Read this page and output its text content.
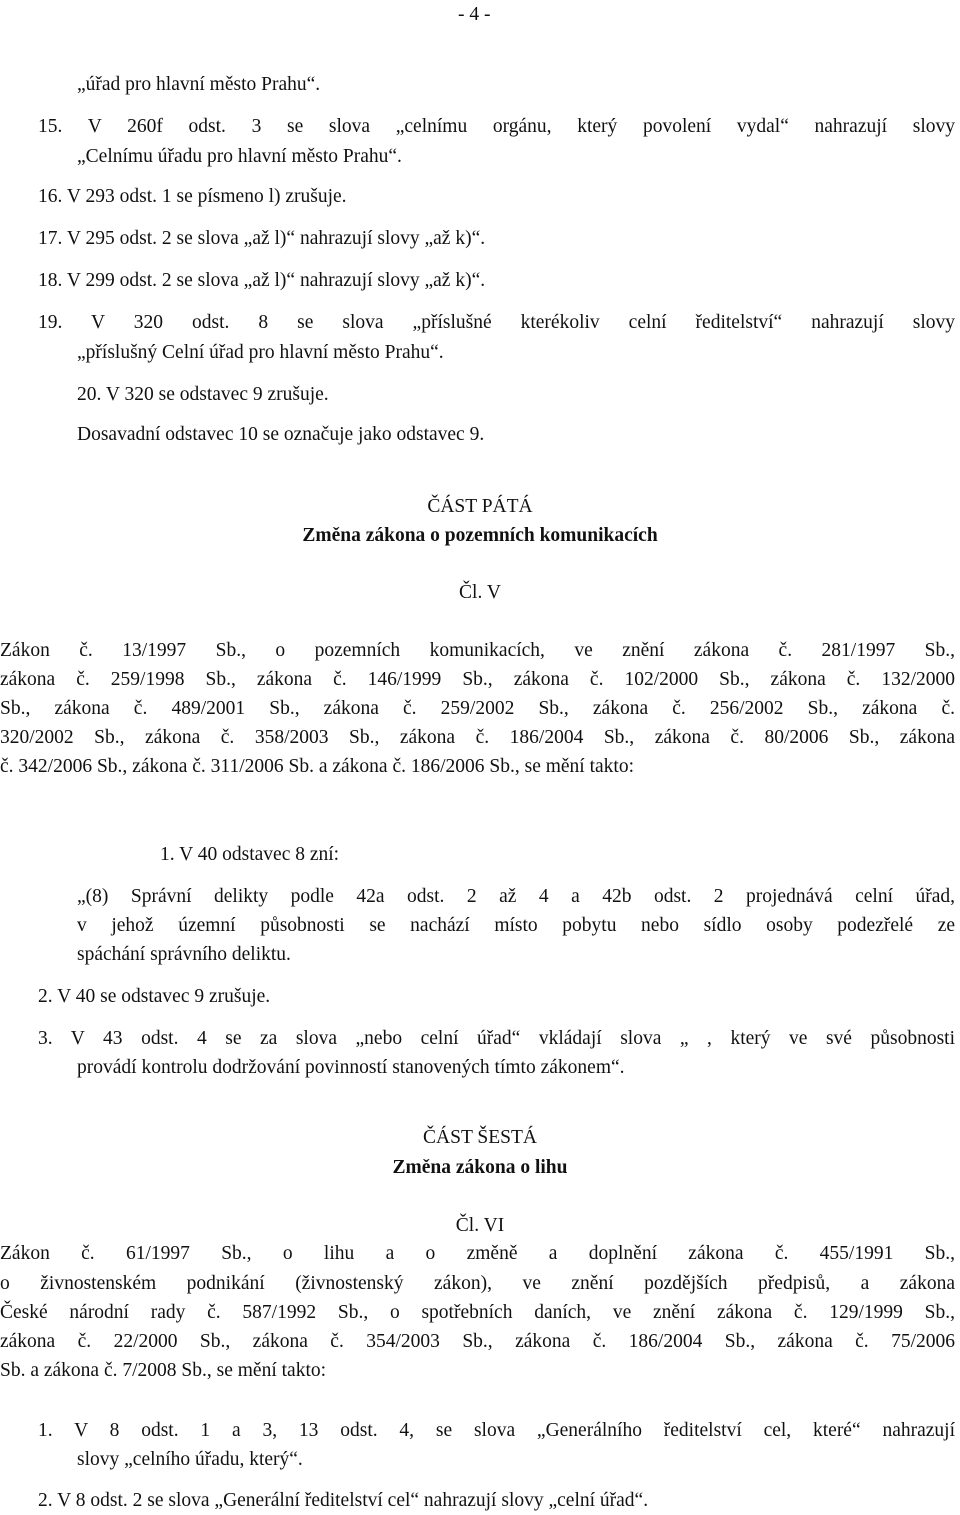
- 4 -
„úřad pro hlavní město Prahu“.
15. V 260f odst. 3 se slova „celnímu orgánu, který povolení vydal“ nahrazují slovy
„Celnímu úřadu pro hlavní město Prahu“.
16. V 293 odst. 1 se písmeno l) zrušuje.
17. V 295 odst. 2 se slova „až l)“ nahrazují slovy „až k)“.
18. V 299 odst. 2 se slova „až l)“ nahrazují slovy „až k)“.
19. V 320 odst. 8 se slova „příslušné kterékoliv celní ředitelství“ nahrazují slovy
„příslušný Celní úřad pro hlavní město Prahu“.
20. V 320 se odstavec 9 zrušuje.
Dosavadní odstavec 10 se označuje jako odstavec 9.
ČÁST PÁTÁ
Změna zákona o pozemních komunikacích
Čl. V
Zákon č. 13/1997 Sb., o pozemních komunikacích, ve znění zákona č. 281/1997 Sb.,
zákona č. 259/1998 Sb., zákona č. 146/1999 Sb., zákona č. 102/2000 Sb., zákona č. 132/2000
Sb., zákona č. 489/2001 Sb., zákona č. 259/2002 Sb., zákona č. 256/2002 Sb., zákona č.
320/2002 Sb., zákona č. 358/2003 Sb., zákona č. 186/2004 Sb., zákona č. 80/2006 Sb., zákona
č. 342/2006 Sb., zákona č. 311/2006 Sb. a zákona č. 186/2006 Sb., se mění takto:
1. V 40 odstavec 8 zní:
„(8) Správní delikty podle 42a odst. 2 až 4 a 42b odst. 2 projednává celní úřad,
v jehož územní působnosti se nachází místo pobytu nebo sídlo osoby podezřelé ze
spáchání správního deliktu.
2. V 40 se odstavec 9 zrušuje.
3. V 43 odst. 4 se za slova „nebo celní úřad“ vkládají slova „ , který ve své působnosti
provádí kontrolu dodržování povinností stanovených tímto zákonem“.
ČÁST ŠESTÁ
Změna zákona o lihu
Čl. VI
Zákon č. 61/1997 Sb., o lihu a o změně a doplnění zákona č. 455/1991 Sb.,
o živnostenském podnikání (živnostenský zákon), ve znění pozdějších předpisů, a zákona
České národní rady č. 587/1992 Sb., o spotřebních daních, ve znění zákona č. 129/1999 Sb.,
zákona č. 22/2000 Sb., zákona č. 354/2003 Sb., zákona č. 186/2004 Sb., zákona č. 75/2006
Sb. a zákona č. 7/2008 Sb., se mění takto:
1. V 8 odst. 1 a 3, 13 odst. 4, se slova „Generálního ředitelství cel, které“ nahrazují
slovy „celního úřadu, který“.
2. V 8 odst. 2 se slova „Generální ředitelství cel“ nahrazují slovy „celní úřad“.
